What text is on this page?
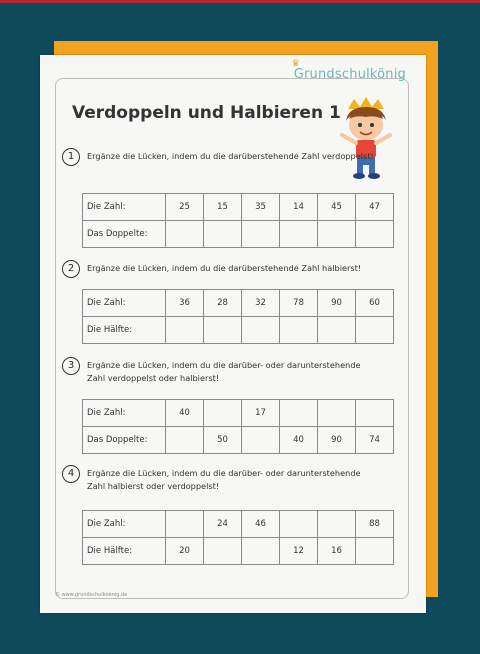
♛
Grundschulkönig
Verdoppeln und Halbieren 1
1	Ergänze die Lücken, indem du die darüberstehende Zahl verdoppelst!
Die Zahl:	25	15	35	14	45	47
Das Doppelte:						
2	Ergänze die Lücken, indem du die darüberstehende Zahl halbierst!
Die Zahl:	36	28	32	78	90	60
Die Hälfte:						
3	Ergänze die Lücken, indem du die darüber- oder darunterstehende Zahl verdoppelst oder halbierst!
Die Zahl:	40		17			
Das Doppelte:		50		40	90	74
4	Ergänze die Lücken, indem du die darüber- oder darunterstehende Zahl halbierst oder verdoppelst!
Die Zahl:		24	46			88
Die Hälfte:	20			12	16	
© www.grundschulkoenig.de
